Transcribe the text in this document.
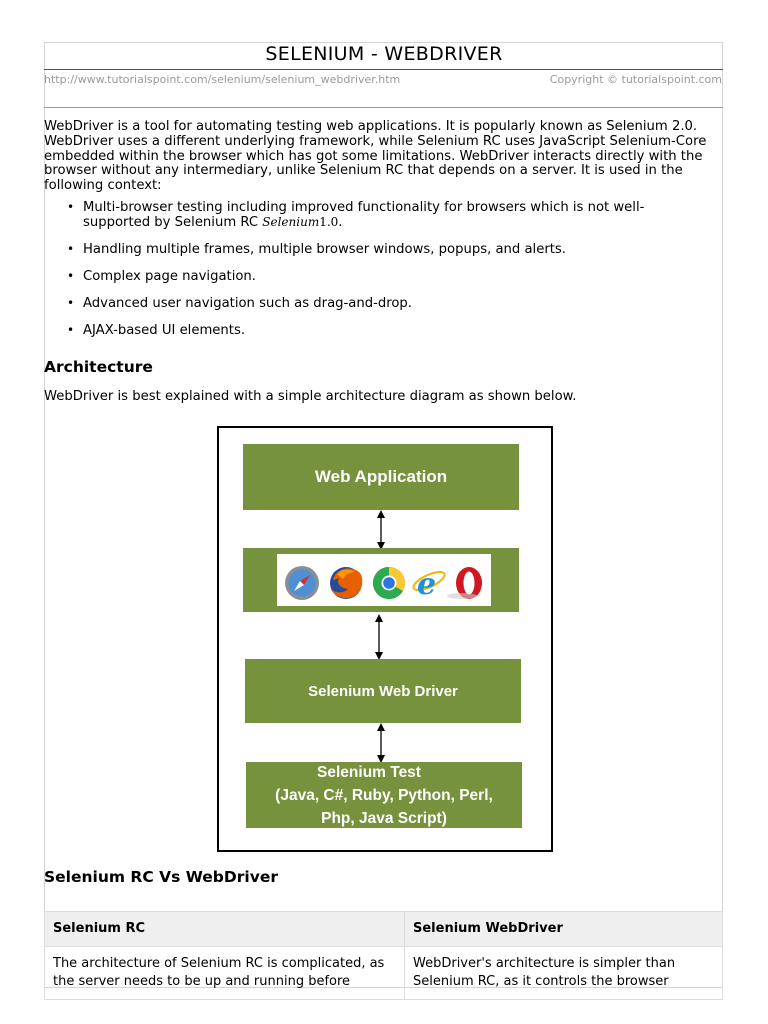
SELENIUM - WEBDRIVER
http://www.tutorialspoint.com/selenium/selenium_webdriver.htm	Copyright © tutorialspoint.com

WebDriver is a tool for automating testing web applications. It is popularly known as Selenium 2.0. WebDriver uses a different underlying framework, while Selenium RC uses JavaScript Selenium-Core embedded within the browser which has got some limitations. WebDriver interacts directly with the browser without any intermediary, unlike Selenium RC that depends on a server. It is used in the following context:

• Multi-browser testing including improved functionality for browsers which is not well-supported by Selenium RC Selenium1.0.
• Handling multiple frames, multiple browser windows, popups, and alerts.
• Complex page navigation.
• Advanced user navigation such as drag-and-drop.
• AJAX-based UI elements.
Architecture
WebDriver is best explained with a simple architecture diagram as shown below.
Web Application
e
Selenium Web Driver
Selenium Test
(Java, C#, Ruby, Python, Perl,
Php, Java Script)
Selenium RC Vs WebDriver
Selenium RC	Selenium WebDriver
The architecture of Selenium RC is complicated, as the server needs to be up and running before	WebDriver's architecture is simpler than Selenium RC, as it controls the browser
